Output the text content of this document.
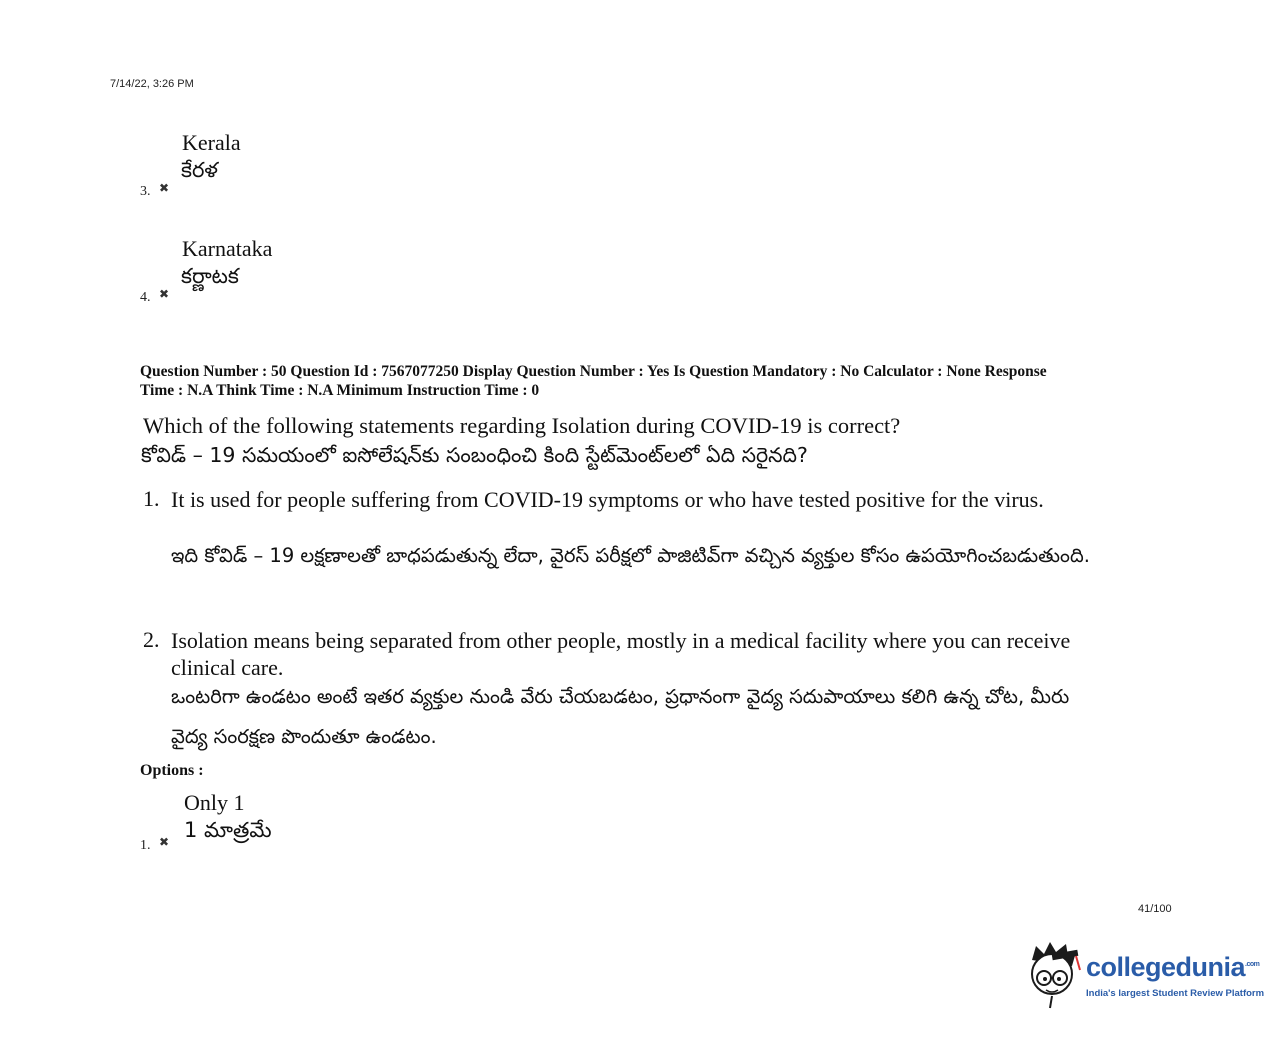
7/14/22, 3:26 PM
Kerala
కేరళ
3. ✖
Karnataka
కర్ణాటక
4. ✖
Question Number : 50 Question Id : 7567077250 Display Question Number : Yes Is Question Mandatory : No Calculator : None Response
Time : N.A Think Time : N.A Minimum Instruction Time : 0
Which of the following statements regarding Isolation during COVID-19 is correct?
కోవిడ్ – 19 సమయంలో ఐసోలేషన్‌కు సంబంధించి కింది స్టేట్‌మెంట్‌లలో ఏది సరైనది?
1. It is used for people suffering from COVID-19 symptoms or who have tested positive for the virus.
ఇది కోవిడ్ – 19 లక్షణాలతో బాధపడుతున్న లేదా, వైరస్ పరీక్షలో పాజిటివ్‌గా వచ్చిన వ్యక్తుల కోసం ఉపయోగించబడుతుంది.
2. Isolation means being separated from other people, mostly in a medical facility where you can receive clinical care.
ఒంటరిగా ఉండటం అంటే ఇతర వ్యక్తుల నుండి వేరు చేయబడటం, ప్రధానంగా వైద్య సదుపాయాలు కలిగి ఉన్న చోట, మీరు వైద్య సంరక్షణ పొందుతూ ఉండటం.
Options :
Only 1
1 మాత్రమే
1. ✖
41/100
collegedunia$^{.com}$
India's largest Student Review Platform
